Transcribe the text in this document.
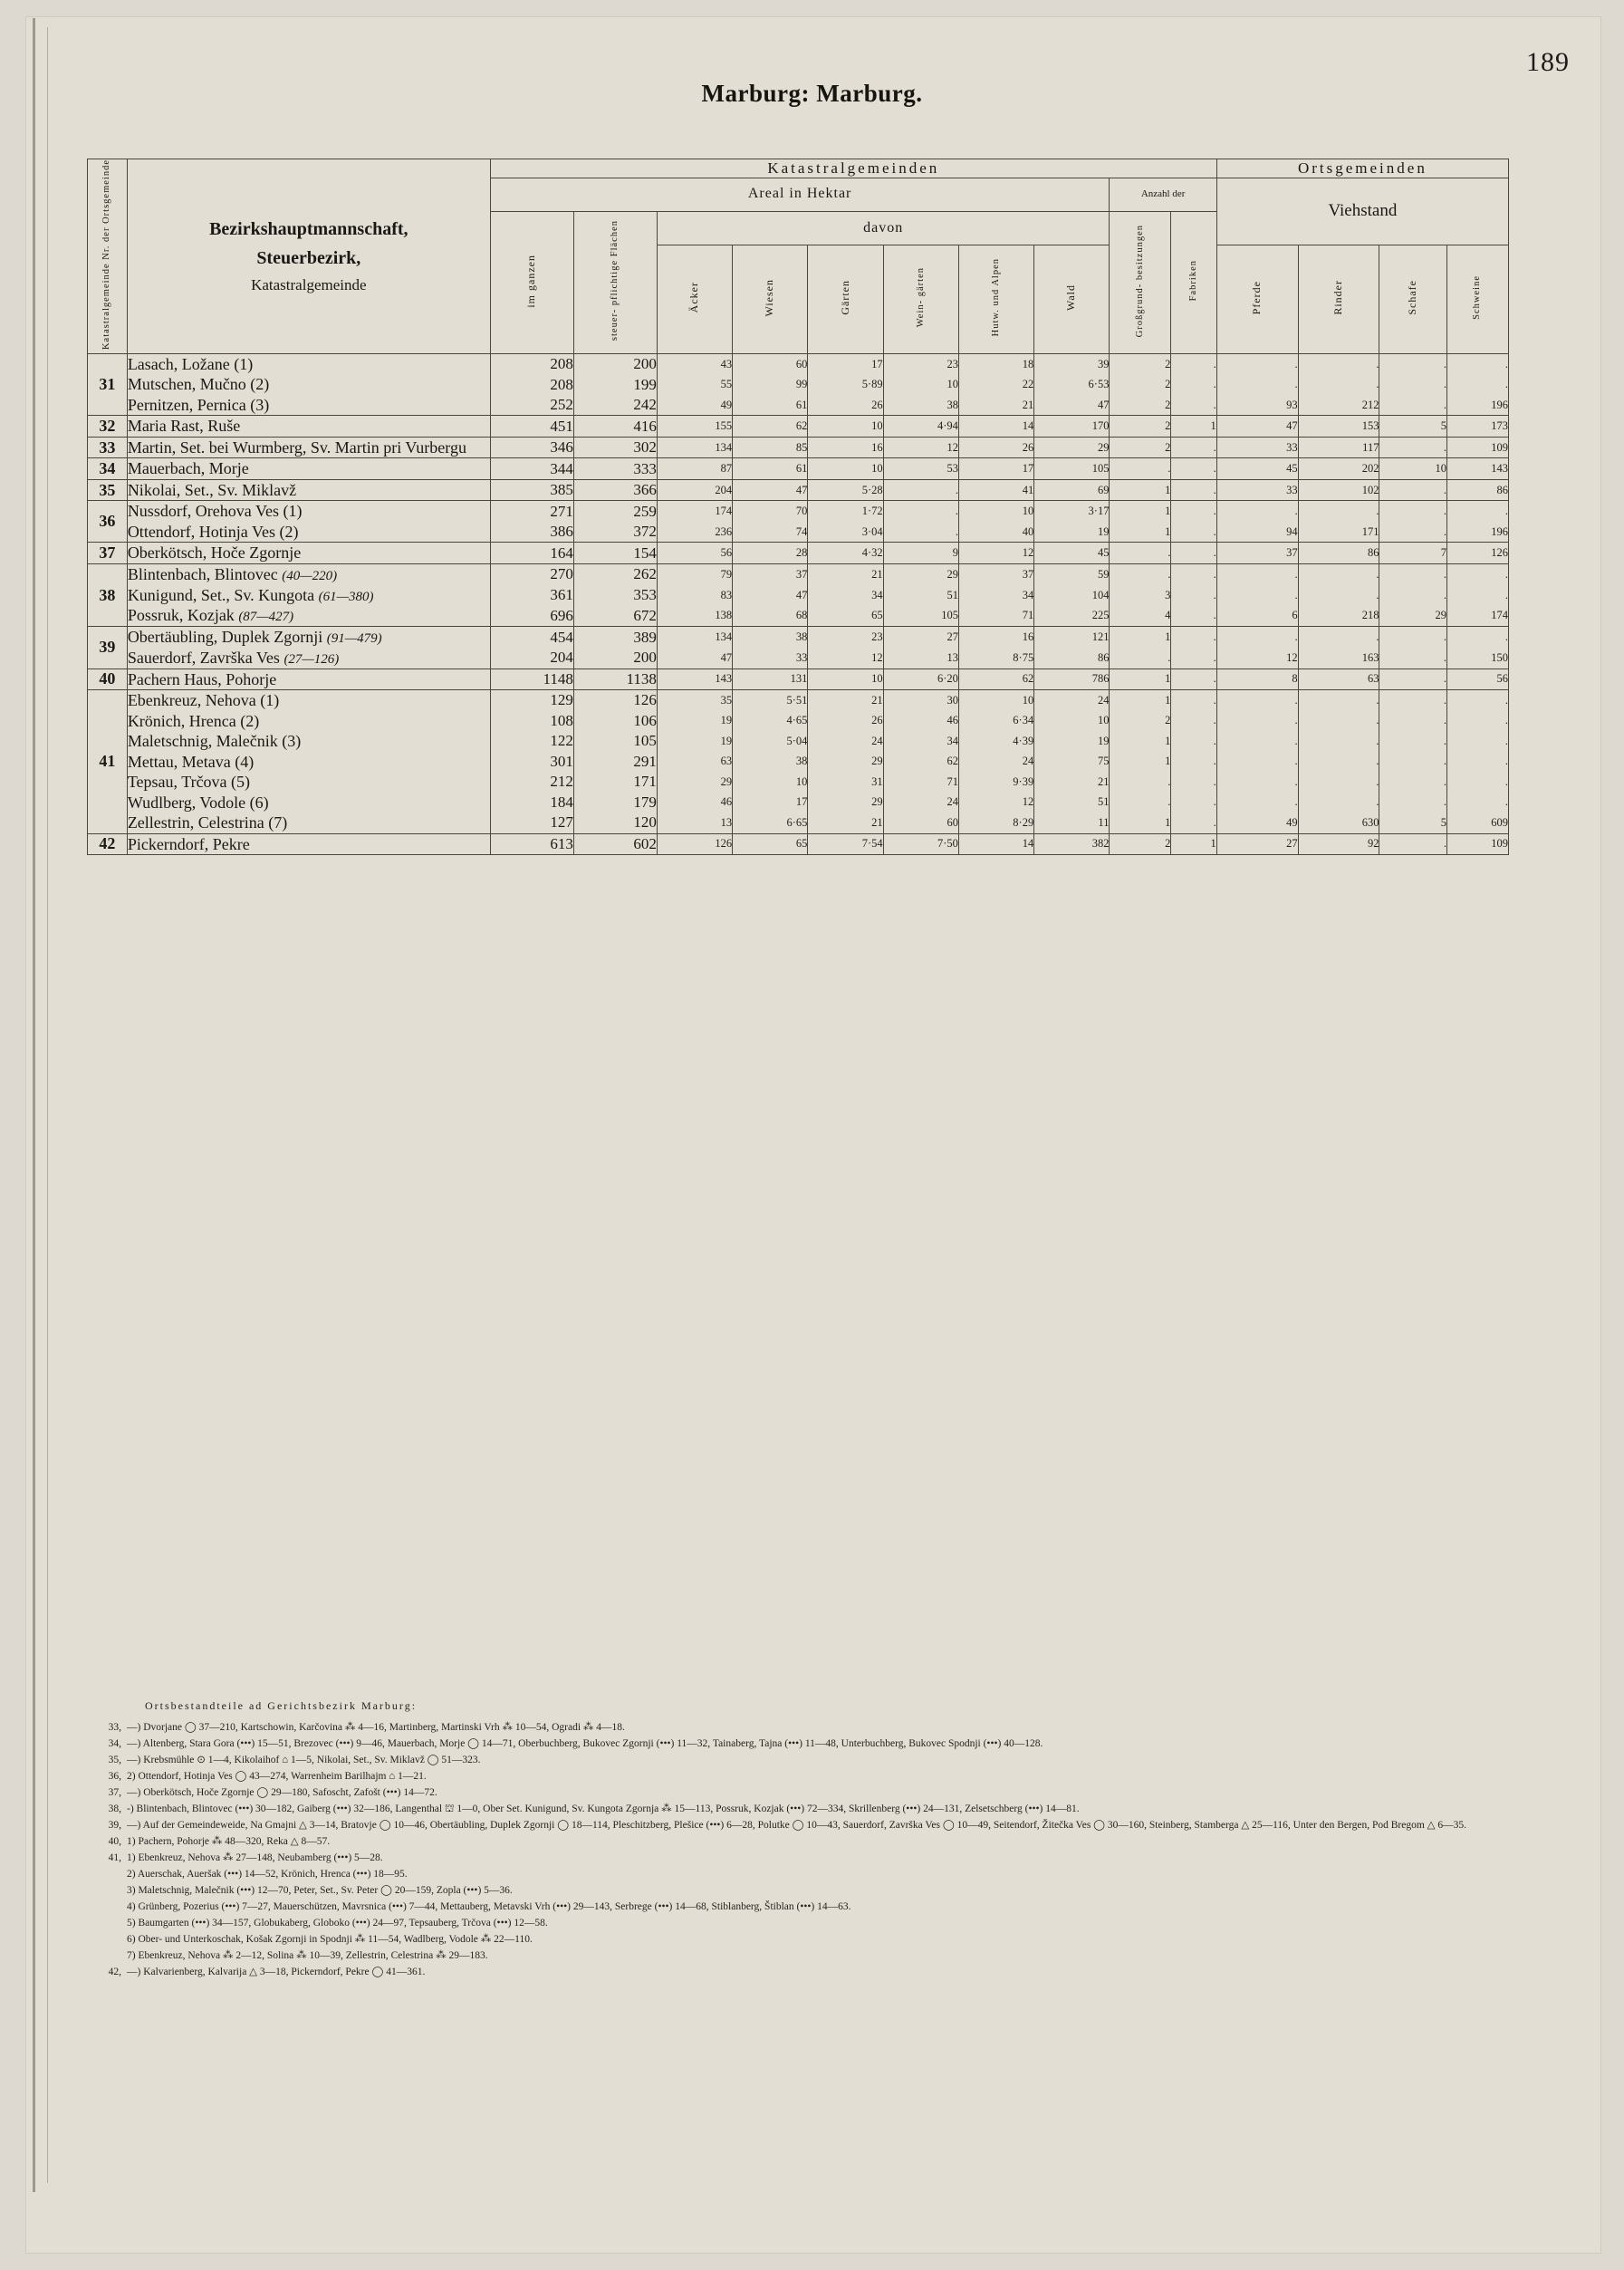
189
Marburg: Marburg.
Katastralgemeinde Nr. der Ortsgemeinde	Bezirkshauptmannschaft,
Steuerbezirk,
Katastralgemeinde	Katastralgemeinden										Ortsgemeinden			
		Areal in Hektar								Anzahl der		Viehstand			
		im ganzen	steuer- pflichtige Flächen	davon						Großgrund- besitzungen	Fabriken				
				Äcker	Wiesen	Gärten	Wein- gärten	Hutw. und Alpen	Wald			Pferde	Rinder	Schafe	Schweine
31	Lasach, Ložane (1)	208	200	43	60	17	23	18	39	2	.	.	.	.	.
	Mutschen, Mučno (2)	208	199	55	99	5·89	10	22	6·53	2	.	.	.	.	.
	Pernitzen, Pernica (3)	252	242	49	61	26	38	21	47	2	.	93	212	.	196
32	Maria Rast, Ruše	451	416	155	62	10	4·94	14	170	2	1	47	153	5	173
33	Martin, Set. bei Wurmberg, Sv. Martin pri Vurbergu	346	302	134	85	16	12	26	29	2	.	33	117	.	109
34	Mauerbach, Morje	344	333	87	61	10	53	17	105	.	.	45	202	10	143
35	Nikolai, Set., Sv. Miklavž	385	366	204	47	5·28	.	41	69	1	.	33	102	.	86
36	Nussdorf, Orehova Ves (1)	271	259	174	70	1·72	.	10	3·17	1	.	.	.	.	.
	Ottendorf, Hotinja Ves (2)	386	372	236	74	3·04	.	40	19	1	.	94	171	.	196
37	Oberkötsch, Hoče Zgornje	164	154	56	28	4·32	9	12	45	.	.	37	86	7	126
38	Blintenbach, Blintovec (40—220)	270	262	79	37	21	29	37	59	.	.	.	.	.	.
	Kunigund, Set., Sv. Kungota (61—380)	361	353	83	47	34	51	34	104	3	.	.	.	.	.
	Possruk, Kozjak (87—427)	696	672	138	68	65	105	71	225	4	.	6	218	29	174
39	Obertäubling, Duplek Zgornji (91—479)	454	389	134	38	23	27	16	121	1	.	.	.	.	.
	Sauerdorf, Završka Ves (27—126)	204	200	47	33	12	13	8·75	86	.	.	12	163	.	150
40	Pachern Haus, Pohorje	1148	1138	143	131	10	6·20	62	786	1	.	8	63	.	56
41	Ebenkreuz, Nehova (1)	129	126	35	5·51	21	30	10	24	1	.	.	.	.	.
	Krönich, Hrenca (2)	108	106	19	4·65	26	46	6·34	10	2	.	.	.	.	.
	Maletschnig, Malečnik (3)	122	105	19	5·04	24	34	4·39	19	1	.	.	.	.	.
	Mettau, Metava (4)	301	291	63	38	29	62	24	75	1	.	.	.	.	.
	Tepsau, Trčova (5)	212	171	29	10	31	71	9·39	21	.	.	.	.	.	.
	Wudlberg, Vodole (6)	184	179	46	17	29	24	12	51	.	.	.	.	.	.
	Zellestrin, Celestrina (7)	127	120	13	6·65	21	60	8·29	11	1	.	49	630	5	609
42	Pickerndorf, Pekre	613	602	126	65	7·54	7·50	14	382	2	1	27	92	.	109
Ortsbestandteile ad Gerichtsbezirk Marburg:
33, —) Dvorjane ◯ 37—210, Kartschowin, Karčovina ⁂ 4—16, Martinberg, Martinski Vrh ⁂ 10—54, Ogradi ⁂ 4—18.
34, —) Altenberg, Stara Gora (•••) 15—51, Brezovec (•••) 9—46, Mauerbach, Morje ◯ 14—71, Oberbuchberg, Bukovec Zgornji (•••) 11—32, Tainaberg, Tajna (•••) 11—48, Unterbuchberg, Bukovec Spodnji (•••) 40—128.
35, —) Krebsmühle ⊙ 1—4, Kikolaihof ⌂ 1—5, Nikolai, Set., Sv. Miklavž ◯ 51—323.
36, 2) Ottendorf, Hotinja Ves ◯ 43—274, Warrenheim Barilhajm ⌂ 1—21.
37, —) Oberkötsch, Hoče Zgornje ◯ 29—180, Safoscht, Zafošt (•••) 14—72.
38, -) Blintenbach, Blintovec (•••) 30—182, Gaiberg (•••) 32—186, Langenthal ⛫ 1—0, Ober Set. Kunigund, Sv. Kungota Zgornja ⁂ 15—113, Possruk, Kozjak (•••) 72—334, Skrillenberg (•••) 24—131, Zelsetschberg (•••) 14—81.
39, —) Auf der Gemeindeweide, Na Gmajni △ 3—14, Bratovje ◯ 10—46, Obertäubling, Duplek Zgornji ◯ 18—114, Pleschitzberg, Plešice (•••) 6—28, Polutke ◯ 10—43, Sauerdorf, Završka Ves ◯ 10—49, Seitendorf, Žitečka Ves ◯ 30—160, Steinberg, Stamberga △ 25—116, Unter den Bergen, Pod Bregom △ 6—35.
40, 1) Pachern, Pohorje ⁂ 48—320, Reka △ 8—57.
41, 1) Ebenkreuz, Nehova ⁂ 27—148, Neubamberg (•••) 5—28.
2) Auerschak, Aueršak (•••) 14—52, Krönich, Hrenca (•••) 18—95.
3) Maletschnig, Malečnik (•••) 12—70, Peter, Set., Sv. Peter ◯ 20—159, Zopla (•••) 5—36.
4) Grünberg, Pozerius (•••) 7—27, Mauerschützen, Mavrsnica (•••) 7—44, Mettauberg, Metavski Vrh (•••) 29—143, Serbrege (•••) 14—68, Stiblanberg, Štiblan (•••) 14—63.
5) Baumgarten (•••) 34—157, Globukaberg, Globoko (•••) 24—97, Tepsauberg, Trčova (•••) 12—58.
6) Ober- und Unterkoschak, Košak Zgornji in Spodnji ⁂ 11—54, Wadlberg, Vodole ⁂ 22—110.
7) Ebenkreuz, Nehova ⁂ 2—12, Solina ⁂ 10—39, Zellestrin, Celestrina ⁂ 29—183.
42, —) Kalvarienberg, Kalvarija △ 3—18, Pickerndorf, Pekre ◯ 41—361.
